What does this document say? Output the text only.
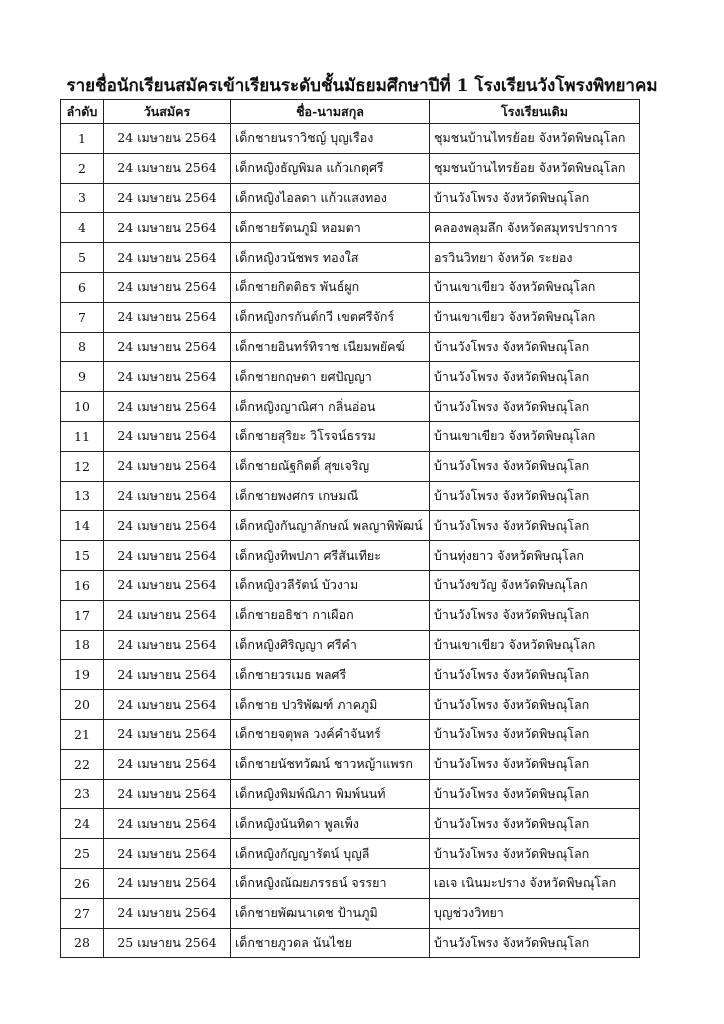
รายชื่อนักเรียนสมัครเข้าเรียนระดับชั้นมัธยมศึกษาปีที่ 1 โรงเรียนวังโพรงพิทยาคม
ลำดับ	วันสมัคร	ชื่อ-นามสกุล	โรงเรียนเดิม
1	24 เมษายน 2564	เด็กชายนราวิชญ์ บุญเรือง	ชุมชนบ้านไทรย้อย จังหวัดพิษณุโลก
2	24 เมษายน 2564	เด็กหญิงธัญพิมล แก้วเกตุศรี	ชุมชนบ้านไทรย้อย จังหวัดพิษณุโลก
3	24 เมษายน 2564	เด็กหญิงไอลดา แก้วแสงทอง	บ้านวังโพรง จังหวัดพิษณุโลก
4	24 เมษายน 2564	เด็กชายรัตนภูมิ หอมตา	คลองพลุมลึก จังหวัดสมุทรปราการ
5	24 เมษายน 2564	เด็กหญิงวนัชพร ทองใส	อรวินวิทยา จังหวัด ระยอง
6	24 เมษายน 2564	เด็กชายกิตติธร พันธ์ผูก	บ้านเขาเขียว จังหวัดพิษณุโลก
7	24 เมษายน 2564	เด็กหญิงกรกันต์กวี เขตศรีจักร์	บ้านเขาเขียว จังหวัดพิษณุโลก
8	24 เมษายน 2564	เด็กชายอินทร์ทิราช เนียมพยัคฆ์	บ้านวังโพรง จังหวัดพิษณุโลก
9	24 เมษายน 2564	เด็กชายกฤษดา ยศปัญญา	บ้านวังโพรง จังหวัดพิษณุโลก
10	24 เมษายน 2564	เด็กหญิงญาณิศา กลิ่นอ่อน	บ้านวังโพรง จังหวัดพิษณุโลก
11	24 เมษายน 2564	เด็กชายสุริยะ วิโรจน์ธรรม	บ้านเขาเขียว จังหวัดพิษณุโลก
12	24 เมษายน 2564	เด็กชายณัฐกิตติ์ สุขเจริญ	บ้านวังโพรง จังหวัดพิษณุโลก
13	24 เมษายน 2564	เด็กชายพงศกร เกษมณี	บ้านวังโพรง จังหวัดพิษณุโลก
14	24 เมษายน 2564	เด็กหญิงกันญาลักษณ์ พลญาพิพัฒน์	บ้านวังโพรง จังหวัดพิษณุโลก
15	24 เมษายน 2564	เด็กหญิงทิพปภา ศรีสันเทียะ	บ้านทุ่งยาว จังหวัดพิษณุโลก
16	24 เมษายน 2564	เด็กหญิงวลีรัตน์ บัวงาม	บ้านวังขวัญ จังหวัดพิษณุโลก
17	24 เมษายน 2564	เด็กชายอธิชา กาเผือก	บ้านวังโพรง จังหวัดพิษณุโลก
18	24 เมษายน 2564	เด็กหญิงศิริญญา ศรีคำ	บ้านเขาเขียว จังหวัดพิษณุโลก
19	24 เมษายน 2564	เด็กชายวรเมธ พลศรี	บ้านวังโพรง จังหวัดพิษณุโลก
20	24 เมษายน 2564	เด็กชาย ปวริพัฒฑ์ ภาคภูมิ	บ้านวังโพรง จังหวัดพิษณุโลก
21	24 เมษายน 2564	เด็กชายจตุพล วงค์คำจันทร์	บ้านวังโพรง จังหวัดพิษณุโลก
22	24 เมษายน 2564	เด็กชายนัชทวัฒน์ ชาวหญ้าแพรก	บ้านวังโพรง จังหวัดพิษณุโลก
23	24 เมษายน 2564	เด็กหญิงพิมพ์ณิภา พิมพ์นนท์	บ้านวังโพรง จังหวัดพิษณุโลก
24	24 เมษายน 2564	เด็กหญิงนันทิดา พูลเพ็ง	บ้านวังโพรง จังหวัดพิษณุโลก
25	24 เมษายน 2564	เด็กหญิงกัญญารัตน์ บุญลี	บ้านวังโพรง จังหวัดพิษณุโลก
26	24 เมษายน 2564	เด็กหญิงณัฌยภรรธน์ จรรยา	เอเจ เนินมะปราง จังหวัดพิษณุโลก
27	24 เมษายน 2564	เด็กชายพัฒนาเดช ป้านภูมิ	บุญช่วงวิทยา
28	25 เมษายน 2564	เด็กชายภูวดล นันไชย	บ้านวังโพรง จังหวัดพิษณุโลก
